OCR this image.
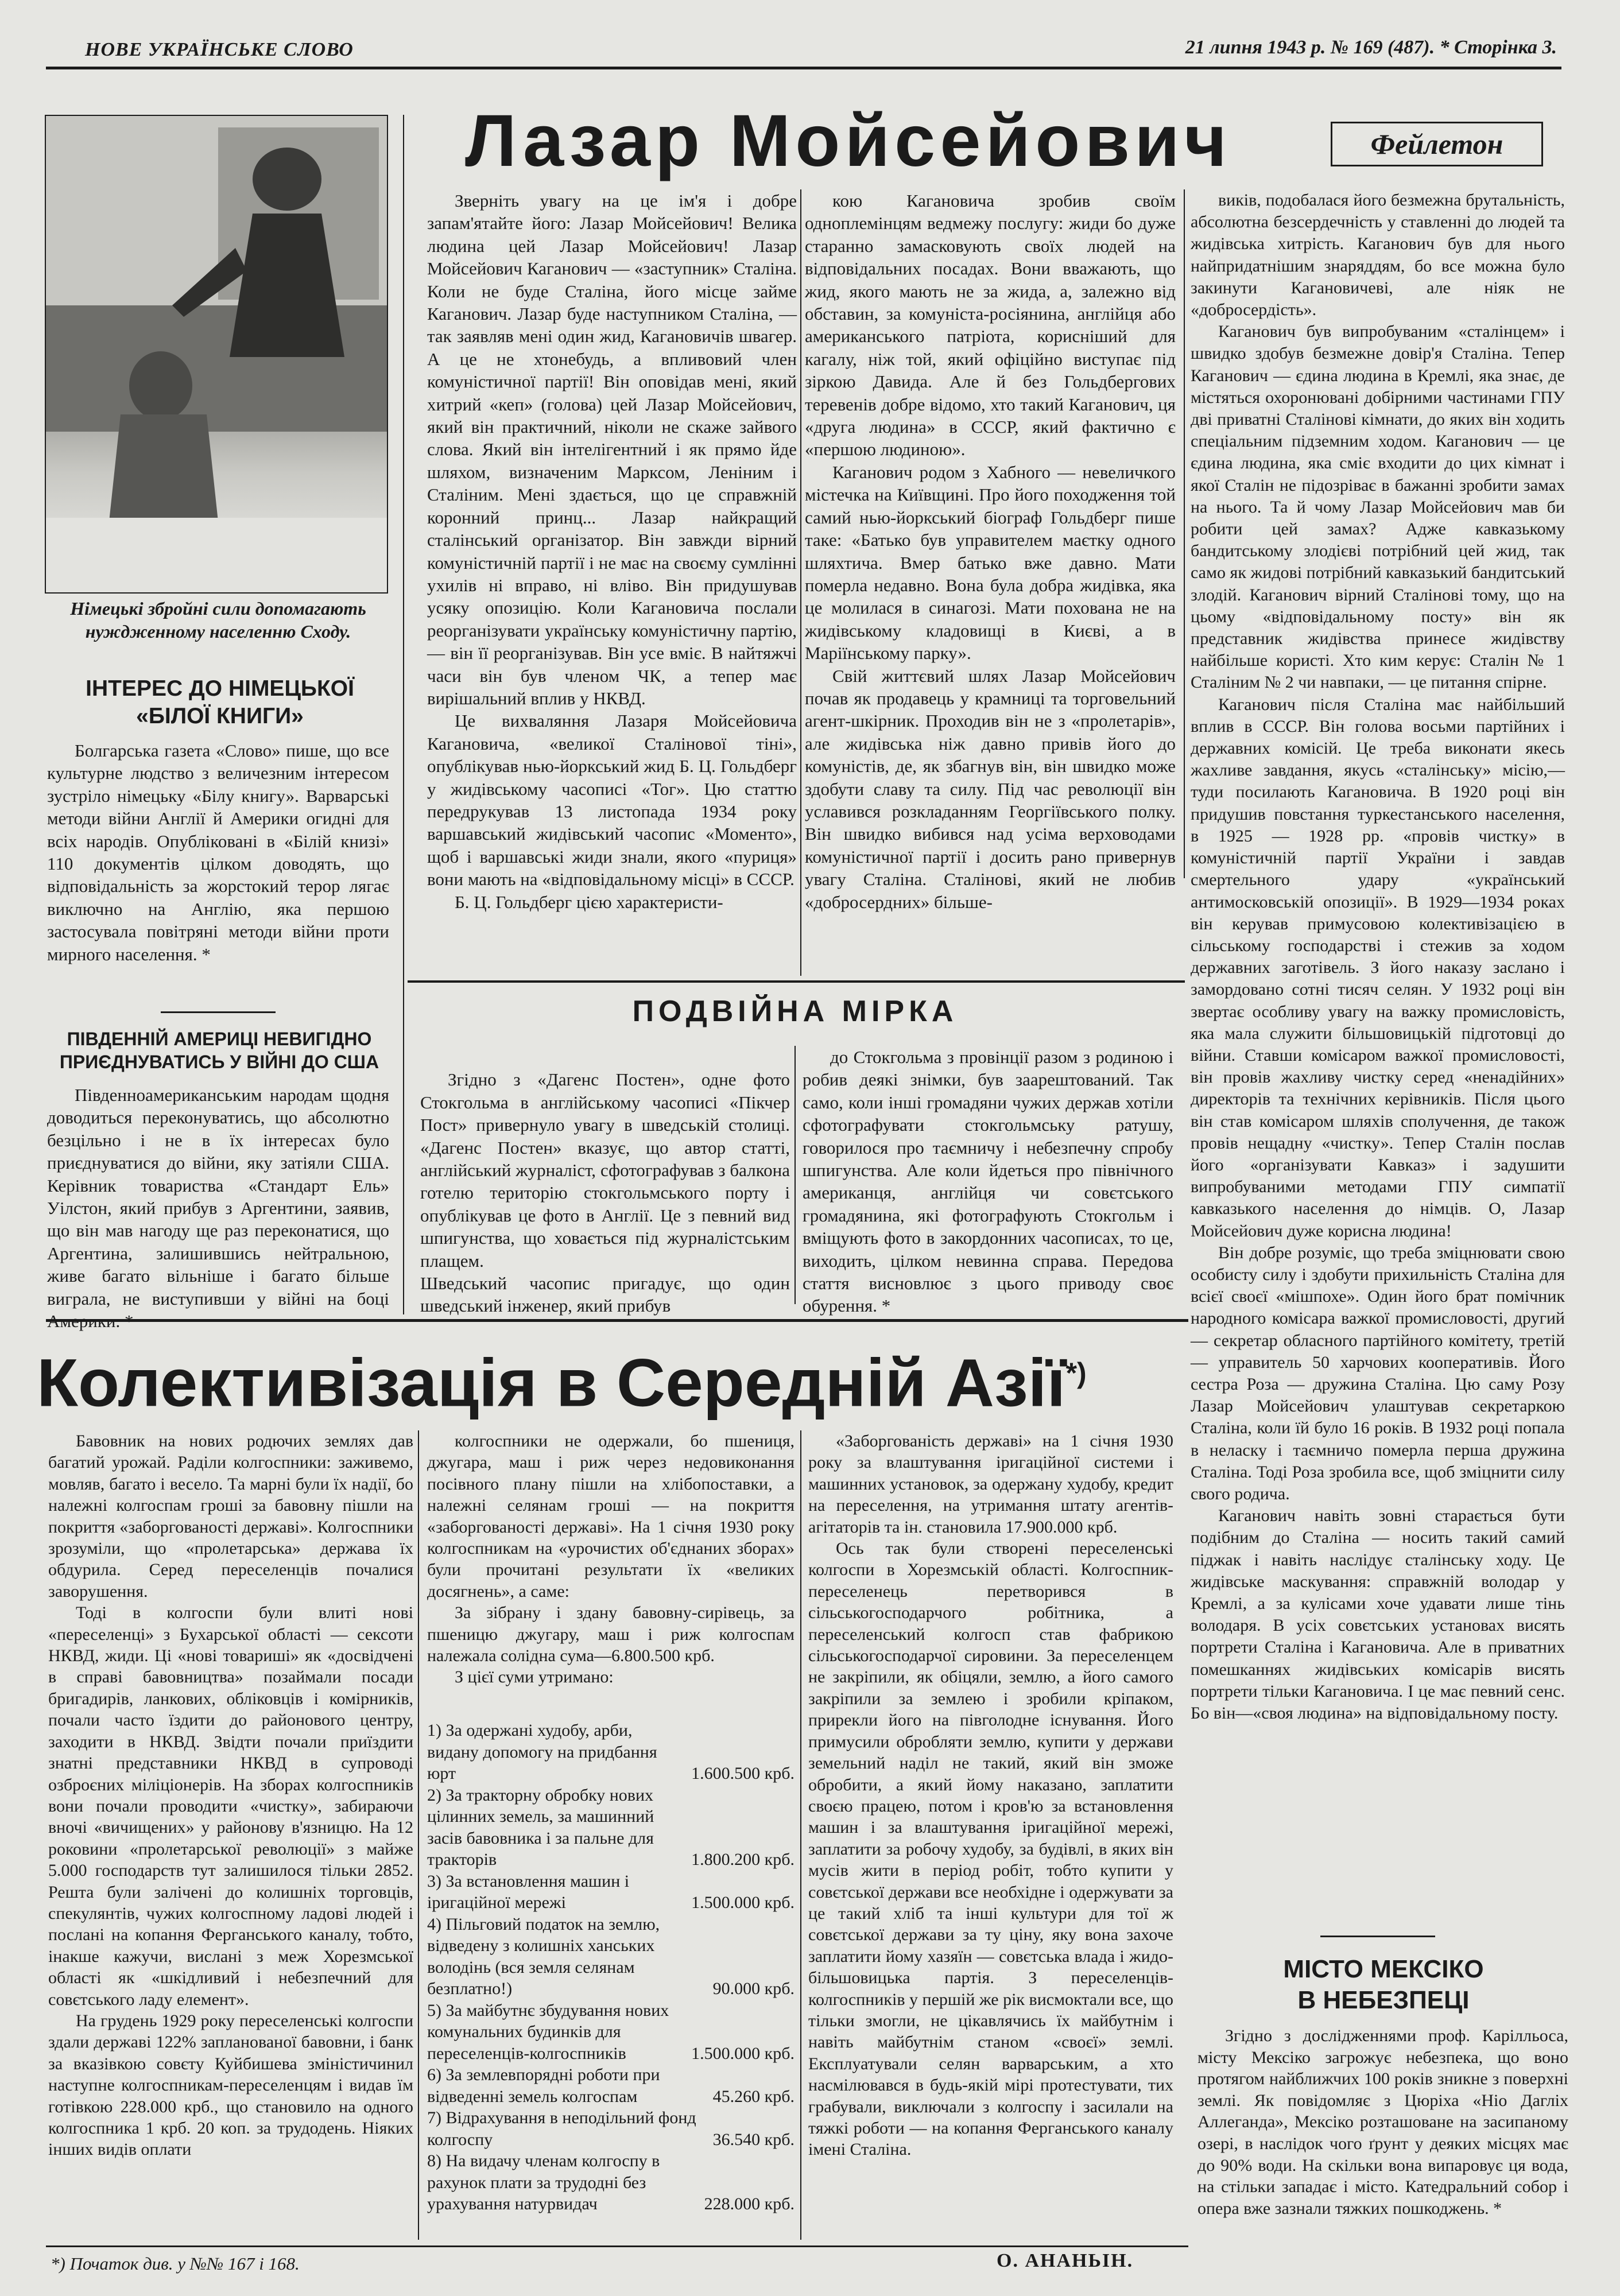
НОВЕ УКРАЇНСЬКЕ СЛОВО	21 липня 1943 р. № 169 (487). * Сторінка 3.
Німецькі збройні сили допомагають нуждженному населенню Сходу.
ІНТЕРЕС ДО НІМЕЦЬКОЇ «БІЛОЇ КНИГИ»

Болгарська газета «Слово» пише, що все культурне людство з величезним інтересом зустріло німецьку «Білу книгу». Варварські методи війни Англії й Америки огидні для всіх народів. Опубліковані в «Білій книзі» 110 документів цілком доводять, що відповідальність за жорстокий терор лягає виключно на Англію, яка першою застосувала повітряні методи війни проти мирного населення. *

ПІВДЕННІЙ АМЕРИЦІ НЕВИГІДНО ПРИЄДНУВАТИСЬ У ВІЙНІ ДО США

Південноамериканським народам щодня доводиться переконуватись, що абсолютно безцільно і не в їх інтересах було приєднуватися до війни, яку затіяли США. Керівник товариства «Стандарт Ель» Уілстон, який прибув з Аргентини, заявив, що він мав нагоду ще раз переконатися, що Аргентина, залишившись нейтральною, живе багато вільніше і багато більше виграла, не виступивши у війні на боці

Лазар Мойсейович	Фейлетон

Зверніть увагу на це ім'я і добре запам'ятайте його: Лазар Мойсейович! Велика людина цей Лазар Мойсейович! Лазар Мойсейович Каганович — «заступник» Сталіна. Коли не буде Сталіна, його місце займе Каганович. Лазар буде наступником Сталіна, — так заявляв мені один жид, Кагановичів швагер. А це не хтонебудь, а впливовий член комуністичної партії! Він оповідав мені, який хитрий «кеп» (голова) цей Лазар Мойсейович, який він практичний, ніколи не скаже зайвого слова. Який він інтелігентний і як прямо йде шляхом, визначеним Марксом, Леніним і Сталіним. Мені здається, що це справжній коронний принц... Лазар найкращий сталінський організатор. Він завжди вірний комуністичній партії і не має на своєму сумлінні ухилів ні вправо, ні вліво. Він придушував усяку опозицію. Коли Кагановича послали реорганізувати українську комуністичну партію, — він її реорганізував. Він усе вміє. В найтяжчі часи він був членом ЧК, а тепер має вирішальний вплив у НКВД.

Це вихваляння Лазаря Мойсейовича Кагановича, «великої Сталінової тіні», опублікував нью-йоркський жид Б. Ц. Гольдберг у жидівському часописі «Тог». Цю статтю передрукував 13 листопада 1934 року варшавський жидівський часопис «Моменто», щоб і варшавські жиди знали, якого «пуриця» вони мають на «відповідальному місці» в СССР.

Б. Ц. Гольдберг цією характеристи-

кою Кагановича зробив своїм одноплемінцям ведмежу послугу: жиди бо дуже старанно замасковують своїх людей на відповідальних посадах. Вони вважають, що жид, якого мають не за жида, а, залежно від обставин, за комуніста-росіянина, англійця або американського патріота, корисніший для кагалу, ніж той, який офіційно виступає під зіркою Давида. Але й без Гольдбергових теревенів добре відомо, хто такий Каганович, ця «друга людина» в СССР, який фактично є «першою людиною».

Каганович родом з Хабного — невеличкого містечка на Київщині. Про його походження той самий нью-йоркський біограф Гольдберг пише таке: «Батько був управителем маєтку одного шляхтича. Вмер батько вже давно. Мати померла недавно. Вона була добра жидівка, яка це молилася в синагозі. Мати похована не на жидівському кладовищі в Києві, а в Маріїнському парку».

Свій життєвий шлях Лазар Мойсейович почав як продавець у крамниці та торговельний агент-шкірник. Проходив він не з «пролетарів», але жидівська ніж давно привів його до комуністів, де, як збагнув він, він швидко може здобути славу та силу. Під час революції він уславився розкладанням Георгіївського полку. Він швидко вибився над усіма верховодами комуністичної партії і досить рано привернув увагу Сталіна. Сталінові, який не любив «добросердних» більше-

виків, подобалася його безмежна брутальність, абсолютна безсердечність у ставленні до людей та жидівська хитрість. Каганович був для нього найпридатнішим знаряддям, бо все можна було закинути Кагановичеві, але ніяк не «добросердість».

Каганович був випробуваним «сталінцем» і швидко здобув безмежне довір'я Сталіна. Тепер Каганович — єдина людина в Кремлі, яка знає, де містяться охоронювані добірними частинами ГПУ дві приватні Сталінові кімнати, до яких він ходить спеціальним підземним ходом. Каганович — це єдина людина, яка сміє входити до цих кімнат і якої Сталін не підозріває в бажанні зробити замах на нього. Та й чому Лазар Мойсейович мав би робити цей замах? Адже кавказькому бандитському злодієві потрібний цей жид, так само як жидові потрібний кавказький бандитський злодій. Каганович вірний Сталінові тому, що на цьому «відповідальному посту» він як представник жидівства принесе жидівству найбільше користі. Хто ким керує: Сталін № 1 Сталіним № 2 чи навпаки, — це питання спірне.

Каганович після Сталіна має найбільший вплив в СССР. Він голова восьми партійних і державних комісій. Це треба виконати якесь жахливе завдання, якусь «сталінську» місію,—туди посилають Кагановича. В 1920 році він придушив повстання туркестанського населення, в 1925 — 1928 рр. «провів чистку» в комуністичній партії України і завдав смертельного удару «український антимосковській опозиції». В 1929—1934 роках він керував примусовою колективізацією в сільському господарстві і стежив за ходом державних заготівель. З його наказу заслано і замордовано сотні тисяч селян. У 1932 році він звертає особливу увагу на важку промисловість, яка мала служити більшовицькій підготовці до війни. Ставши комісаром важкої промисловості, він провів жахливу чистку серед «ненадійних» директорів та технічних керівників. Після цього він став комісаром шляхів сполучення, де також провів нещадну «чистку». Тепер Сталін послав його «організувати Кавказ» і задушити випробуваними методами ГПУ симпатії кавказького населення до німців. О, Лазар Мойсейович дуже корисна людина!

Він добре розуміє, що треба зміцнювати свою особисту силу і здобути прихильність Сталіна для всієї своєї «мішпохе». Один його брат помічник народного комісара важкої промисловості, другий — секретар обласного партійного комітету, третій — управитель 50 харчових кооперативів. Його сестра Роза — дружина Сталіна. Цю саму Розу Лазар Мойсейович улаштував секретаркою Сталіна, коли їй було 16 років. В 1932 році попала в неласку і таємничо померла перша дружина Сталіна. Тоді Роза зробила все, щоб зміцнити силу свого родича.

Каганович навіть зовні старається бути подібним до Сталіна — носить такий самий піджак і навіть наслідує сталінську ходу. Це жидівське маскування: справжній володар у Кремлі, а за кулісами хоче удавати лише тінь володаря. В усіх совєтських установах висять портрети Сталіна і Кагановича. Але в приватних помешканнях жидівських комісарів висять портрети тільки Кагановича. І це має певний сенс. Бо він—«своя людина» на відповідальному посту.

ПОДВІЙНА МІРКА

Згідно з «Дагенс Постен», одне фото Стокгольма в англійському часописі «Пікчер Пост» привернуло увагу в шведській столиці. «Дагенс Постен» вказує, що автор статті, англійський журналіст, сфотографував з балкона готелю територію стокгольмського порту і опублікував це фото в Англії. Це з певний вид шпигунства, що ховається під журналістським плащем.
Шведський часопис пригадує, що один шведський інженер, який прибув

до Стокгольма з провінції разом з родиною і робив деякі знімки, був заарештований. Так само, коли інші громадяни чужих держав хотіли сфотографувати стокгольмську ратушу, говорилося про таємничу і небезпечну спробу шпигунства. Але коли йдеться про північного американця, англійця чи совєтського громадянина, які фотографують Стокгольм і вміщують фото в закордонних часописах, то це, виходить, цілком невинна справа. Передова стаття висновлює з цього приводу своє обурення. *

Колективізація в Середній Азії*)

Бавовник на нових родючих землях дав багатий урожай. Раділи колгоспники: заживемо, мовляв, багато і весело. Та марні були їх надії, бо належні колгоспам гроші за бавовну пішли на покриття «заборгованості державі». Колгоспники зрозуміли, що «пролетарська» держава їх обдурила. Серед переселенців почалися заворушення.

Тоді в колгоспи були влиті нові «переселенці» з Бухарської області — сексоти НКВД, жиди. Ці «нові товариші» як «досвідчені в справі бавовництва» позаймали посади бригадирів, ланкових, обліковців і комірників, почали часто їздити до районового центру, заходити в НКВД. Звідти почали приїздити знатні представники НКВД в супроводі озброєних міліціонерів. На зборах колгоспників вони почали проводити «чистку», забираючи вночі «вичищених» у районову в'язницю. На 12 роковини «пролетарської революції» з майже 5.000 господарств тут залишилося тільки 2852. Решта були залічені до колишніх торговців, спекулянтів, чужих колгоспному ладові людей і послані на копання Ферганського каналу, тобто, інакше кажучи, вислані з меж Хорезмської області як «шкідливий і небезпечний для совєтського ладу елемент».

На грудень 1929 року переселенські колгоспи здали державі 122% запланованої бавовни, і банк за вказівкою совєту Куйбишева зміністичинил наступне колгоспникам-переселенцям і видав їм готівкою 228.000 крб., що становило на одного колгоспника 1 крб. 20 коп. за трудодень. Ніяких інших видів оплати

колгоспники не одержали, бо пшениця, джугара, маш і риж через недовиконання посівного плану пішли на хлібопоставки, а належні селянам гроші — на покриття «заборгованості державі». На 1 січня 1930 року колгоспникам на «урочистих об'єднаних зборах» були прочитані результати їх «великих досягнень», а саме:

За зібрану і здану бавовну-сирівець, за пшеницю джугару, маш і риж колгоспам належала солідна сума—6.800.500 крб.

З цієї суми утримано:

1) За одержані худобу, арби, видану допомогу на придбання юрт	1.600.500 крб.
2) За тракторну обробку нових цілинних земель, за машинний засів бавовника і за пальне для тракторів	1.800.200 крб.
3) За встановлення машин і іригаційної мережі	1.500.000 крб.
4) Пільговий податок на землю, відведену з колишніх ханських володінь (вся земля селянам безплатно!)	90.000 крб.
5) За майбутнє збудування нових комунальних будинків для переселенців-колгоспників	1.500.000 крб.
6) За землевпорядні роботи при відведенні земель колгоспам	45.260 крб.
7) Відрахування в неподільний фонд колгоспу	36.540 крб.
8) На видачу членам колгоспу в рахунок плати за трудодні без урахування натурвидач	228.000 крб.

«Заборгованість державі» на 1 січня 1930 року за влаштування іригаційної системи і машинних установок, за одержану худобу, кредит на переселення, на утримання штату агентів-агітаторів та ін. становила 17.900.000 крб.

Ось так були створені переселенські колгоспи в Хорезмській області. Колгоспник-переселенець перетворився в сільськогосподарчого робітника, а переселенський колгосп став фабрикою сільськогосподарчої сировини. За переселенцем не закріпили, як обіцяли, землю, а його самого закріпили за землею і зробили кріпаком, прирекли його на півголодне існування. Його примусили обробляти землю, купити у держави земельний наділ не такий, який він зможе обробити, а який йому наказано, заплатити своєю працею, потом і кров'ю за встановлення машин і за влаштування іригаційної мережі, заплатити за робочу худобу, за будівлі, в яких він мусів жити в період робіт, тобто купити у совєтської держави все необхідне і одержувати за це такий хліб та інші культури для тої ж совєтської держави за ту ціну, яку вона захоче заплатити йому хазяїн — совєтська влада і жидо-більшовицька партія. З переселенців-колгоспників у першій же рік висмоктали все, що тільки змогли, не цікавлячись їх майбутнім і навіть майбутнім станом «своєї» землі. Експлуатували селян варварським, а хто насмілювався в будь-якій мірі протестувати, тих грабували, виключали з колгоспу і засилали на тяжкі роботи — на копання Ферганського каналу імені Сталіна.

*) Початок див. у №№ 167 і 168.	О. АНАНЬІН.
МІСТО МЕКСІКО
В НЕБЕЗПЕЦІ

Згідно з дослідженнями проф. Карілльоса, місту Мексіко загрожує небезпека, що воно протягом найближчих 100 років зникне з поверхні землі. Як повідомляє з Цюріха «Ніо Дагліх Аллеганда», Мексіко розташоване на засипаному озері, в наслідок чого ґрунт у деяких місцях має до 90% води. На скільки вона випаровує ця вода, на стільки западає і місто. Катедральний собор і опера вже зазнали тяжких пошкоджень. *
